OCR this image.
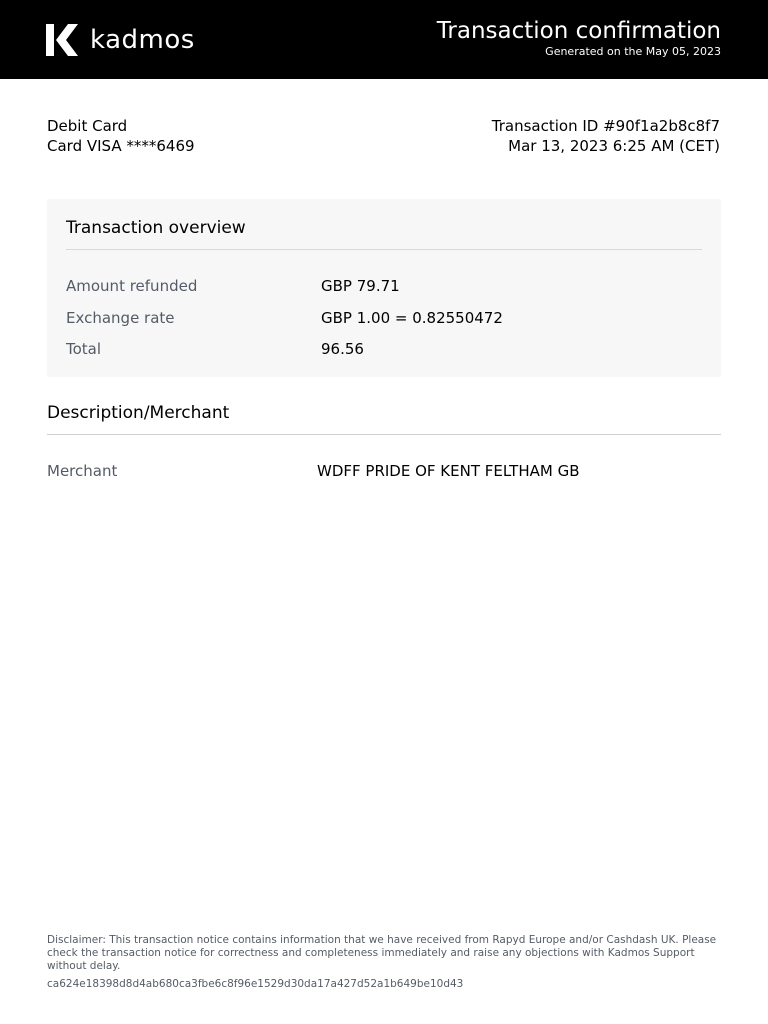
kadmos	Transaction confirmation
Generated on the May 05, 2023
Debit Card
Card VISA ****6469
Transaction ID #90f1a2b8c8f7
Mar 13, 2023 6:25 AM (CET)
Transaction overview
Amount refunded	GBP 79.71
Exchange rate	GBP 1.00 = 0.82550472
Total	96.56
Description/Merchant
Merchant	WDFF PRIDE OF KENT FELTHAM GB
Disclaimer: This transaction notice contains information that we have received from Rapyd Europe and/or Cashdash UK. Please check the transaction notice for correctness and completeness immediately and raise any objections with Kadmos Support without delay.
ca624e18398d8d4ab680ca3fbe6c8f96e1529d30da17a427d52a1b649be10d43
